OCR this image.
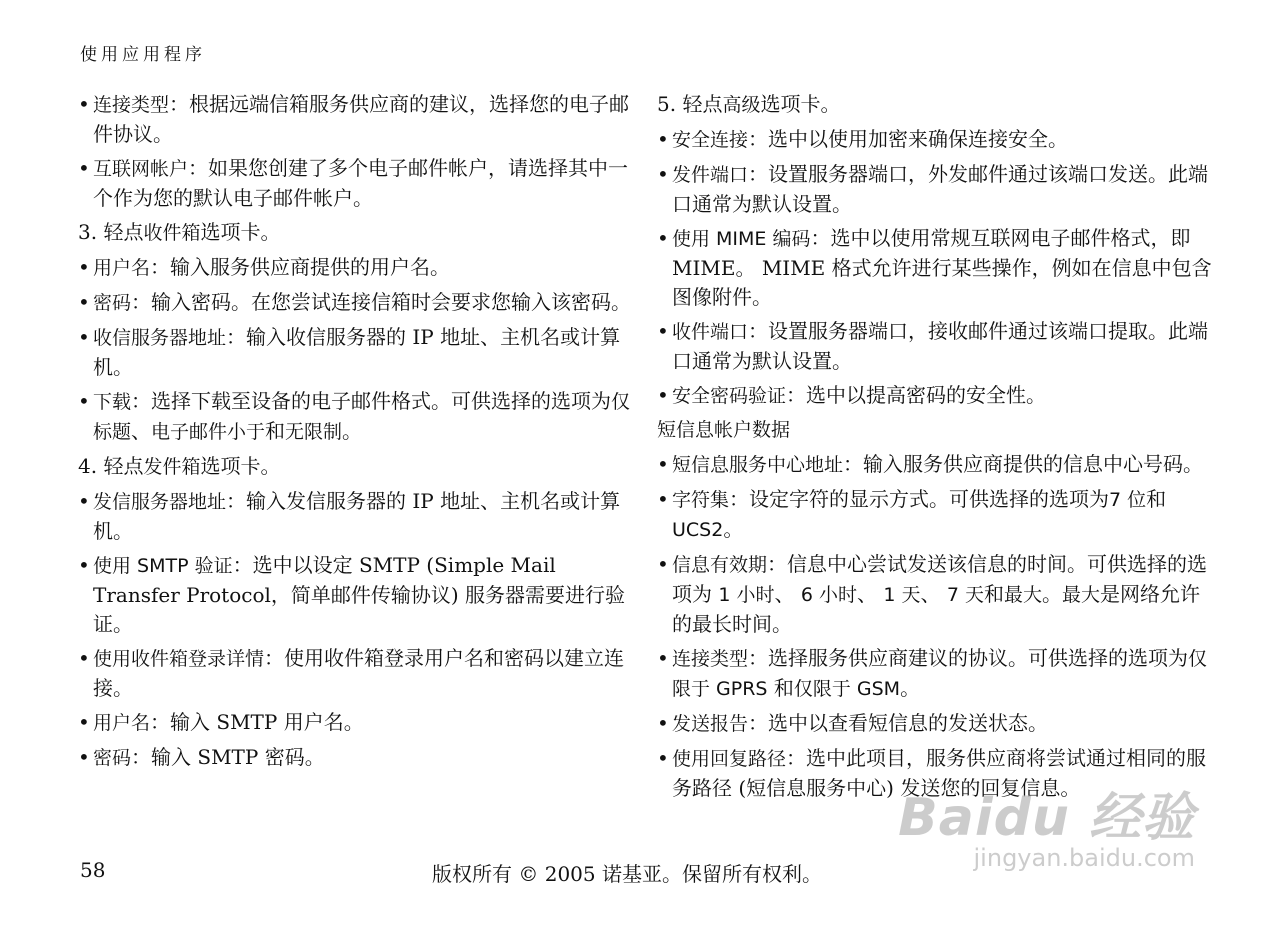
使用应用程序
• 连接类型：根据远端信箱服务供应商的建议，选择您的电子邮件协议。
• 互联网帐户：如果您创建了多个电子邮件帐户，请选择其中一个作为您的默认电子邮件帐户。
3. 轻点收件箱选项卡。
• 用户名：输入服务供应商提供的用户名。
• 密码：输入密码。在您尝试连接信箱时会要求您输入该密码。
• 收信服务器地址：输入收信服务器的 IP 地址、主机名或计算机。
• 下载：选择下载至设备的电子邮件格式。可供选择的选项为仅标题、电子邮件小于和无限制。
4. 轻点发件箱选项卡。
• 发信服务器地址：输入发信服务器的 IP 地址、主机名或计算机。
• 使用 SMTP 验证：选中以设定 SMTP (Simple Mail Transfer Protocol，简单邮件传输协议) 服务器需要进行验证。
• 使用收件箱登录详情：使用收件箱登录用户名和密码以建立连接。
• 用户名：输入 SMTP 用户名。
• 密码：输入 SMTP 密码。
5. 轻点高级选项卡。
• 安全连接：选中以使用加密来确保连接安全。
• 发件端口：设置服务器端口，外发邮件通过该端口发送。此端口通常为默认设置。
• 使用 MIME 编码：选中以使用常规互联网电子邮件格式，即 MIME。 MIME 格式允许进行某些操作，例如在信息中包含图像附件。
• 收件端口：设置服务器端口，接收邮件通过该端口提取。此端口通常为默认设置。
• 安全密码验证：选中以提高密码的安全性。
短信息帐户数据
• 短信息服务中心地址：输入服务供应商提供的信息中心号码。
• 字符集：设定字符的显示方式。可供选择的选项为7 位和 UCS2。
• 信息有效期：信息中心尝试发送该信息的时间。可供选择的选项为 1 小时、 6 小时、 1 天、 7 天和最大。最大是网络允许的最长时间。
• 连接类型：选择服务供应商建议的协议。可供选择的选项为仅限于 GPRS 和仅限于 GSM。
• 发送报告：选中以查看短信息的发送状态。
• 使用回复路径：选中此项目，服务供应商将尝试通过相同的服务路径 (短信息服务中心) 发送您的回复信息。
Baidu 经验
jingyan.baidu.com
58	版权所有 © 2005 诺基亚。保留所有权利。
